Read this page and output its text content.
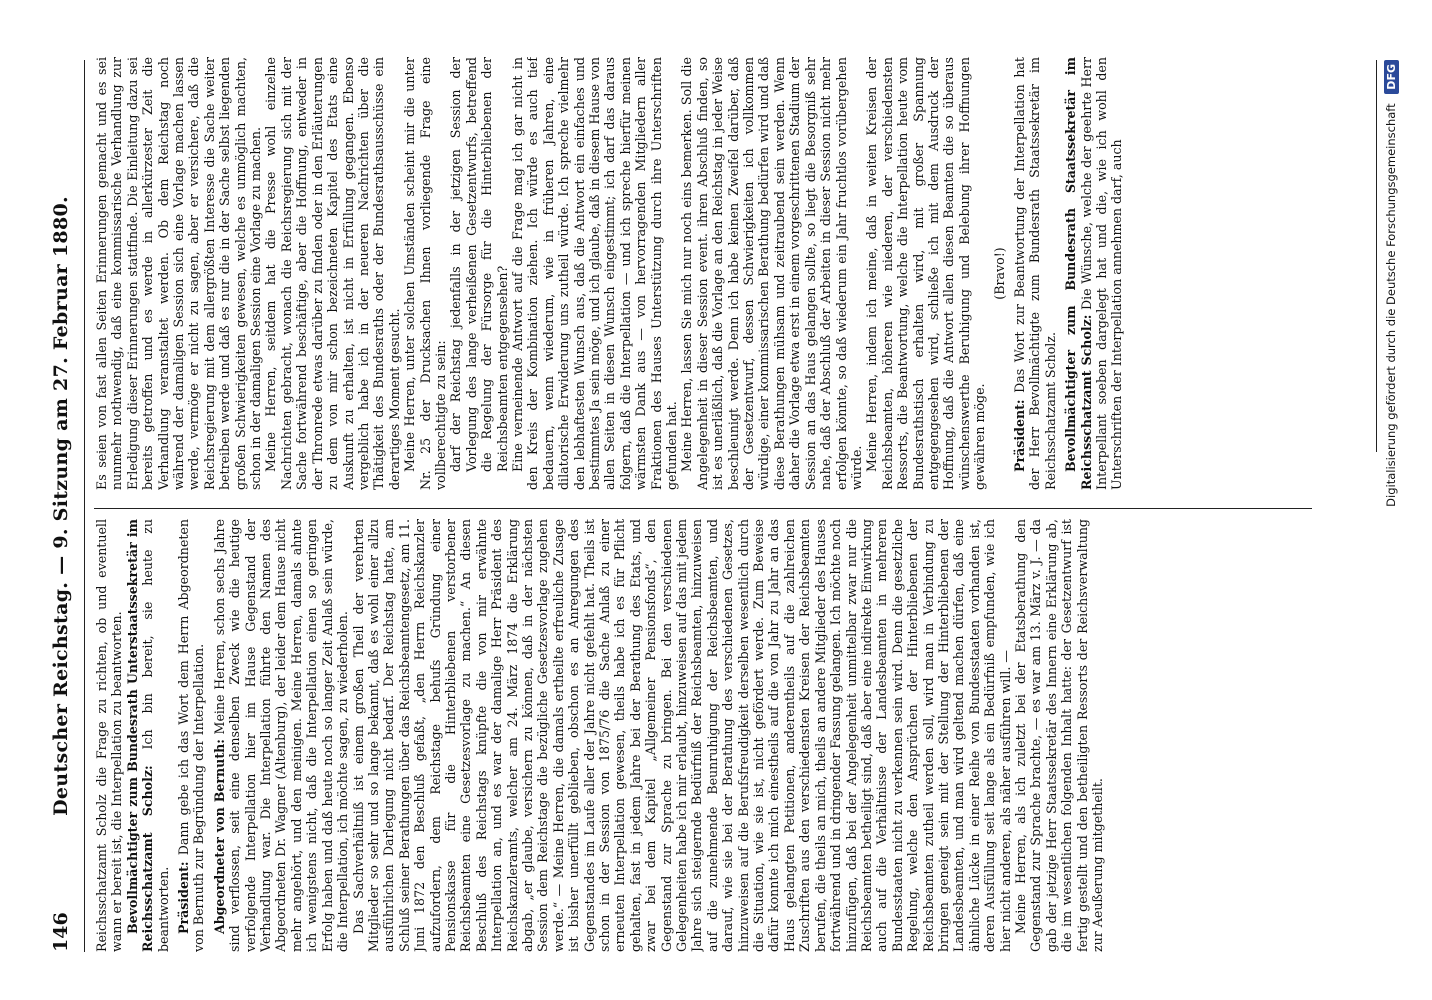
146
Deutscher Reichstag. — 9. Sitzung am 27. Februar 1880. Reichsschatzamt Scholz die Frage zu richten, ob und eventuell wann er bereit ist, die Interpellation zu beantworten. Bevollmächtigter zum Bundesrath Unterstaatssekretär im Reichsschatzamt Scholz: Ich bin bereit, sie heute zu beantworten. Präsident: Dann gebe ich das Wort dem Herrn Abgeordneten von Bernuth zur Begründung der Interpellation. Abgeordneter von Bernuth: Meine Herren, schon sechs Jahre sind verflossen, seit eine denselben Zweck wie die heutige verfolgende Interpellation hier im Hause Gegenstand der Verhandlung war. Die Interpellation führte den Namen des Abgeordneten Dr. Wagner (Altenburg), der leider dem Hause nicht mehr angehört, und den meinigen. Meine Herren, damals ahnte ich wenigstens nicht, daß die Interpellation einen so geringen Erfolg haben und daß heute noch so langer Zeit Anlaß sein würde, die Interpellation, ich möchte sagen, zu wiederholen. Das Sachverhältniß ist einem großen Theil der verehrten Mitglieder so sehr und so lange bekannt, daß es wohl einer allzu ausführlichen Darlegung nicht bedarf. Der Reichstag hatte, am Schluß seiner Berathungen über das Reichsbeamtengesetz, am 11. Juni 1872 den Beschluß gefaßt, „den Herrn Reichskanzler aufzufordern, dem Reichstage behufs Gründung einer Pensionskasse für die Hinterbliebenen verstorbener Reichsbeamten eine Gesetzesvorlage zu machen.“ An diesen Beschluß des Reichstags knüpfte die von mir erwähnte Interpellation an, und es war der damalige Herr Präsident des Reichskanzleramts, welcher am 24. März 1874 die Erklärung abgab, „er glaube, versichern zu können, daß in der nächsten Session dem Reichstage die bezügliche Gesetzesvorlage zugehen werde.“ — Meine Herren, die damals ertheilte erfreuliche Zusage ist bisher unerfüllt geblieben, obschon es an Anregungen des Gegenstandes im Laufe aller der Jahre nicht gefehlt hat. Theils ist schon in der Session von 1875/76 die Sache Anlaß zu einer erneuten Interpellation gewesen, theils habe ich es für Pflicht gehalten, fast in jedem Jahre bei der Berathung des Etats, und zwar bei dem Kapitel „Allgemeiner Pensionsfonds“, den Gegenstand zur Sprache zu bringen. Bei den verschiedenen Gelegenheiten habe ich mir erlaubt, hinzuweisen auf das mit jedem Jahre sich steigernde Bedürfniß der Reichsbeamten, hinzuweisen auf die zunehmende Beunruhigung der Reichsbeamten, und darauf, wie sie bei der Berathung des verschiedenen Gesetzes, hinzuweisen auf die Berufsfreudigkeit derselben wesentlich durch die Situation, wie sie ist, nicht gefördert werde. Zum Beweise dafür konnte ich mich einestheils auf die von Jahr zu Jahr an das Haus gelangten Petitionen, anderentheils auf die zahlreichen Zuschriften aus den verschiedensten Kreisen der Reichsbeamten berufen, die theils an mich, theils an andere Mitglieder des Hauses fortwährend und in dringender Fassung gelangen. Ich möchte noch hinzufügen, daß bei der Angelegenheit unmittelbar zwar nur die Reichsbeamten betheiligt sind, daß aber eine indirekte Einwirkung auch auf die Verhältnisse der Landesbeamten in mehreren Bundesstaaten nicht zu verkennen sein wird. Denn die gesetzliche Regelung, welche den Ansprüchen der Hinterbliebenen der Reichsbeamten zutheil werden soll, wird man in Verbindung zu bringen geneigt sein mit der Stellung der Hinterbliebenen der Landesbeamten, und man wird geltend machen dürfen, daß eine ähnliche Lücke in einer Reihe von Bundesstaaten vorhanden ist, deren Ausfüllung seit lange als ein Bedürfniß empfunden, wie ich hier nicht anderen, als näher ausführen will. — Meine Herren, als ich zuletzt bei der Etatsberathung den Gegenstand zur Sprache brachte, — es war am 13. März v. J. — da gab der jetzige Herr Staatssekretär des Innern eine Erklärung ab, die im wesentlichen folgenden Inhalt hatte: der Gesetzentwurf ist fertig gestellt und den betheiligten Ressorts der Reichsverwaltung zur Aeußerung mitgetheilt.

Es seien von fast allen Seiten Erinnerungen gemacht und es sei nunmehr nothwendig, daß eine kommissarische Verhandlung zur Erledigung dieser Erinnerungen stattfinde. Die Einleitung dazu sei bereits getroffen und es werde in allerkürzester Zeit die Verhandlung veranstaltet werden. Ob dem Reichstag noch während der damaligen Session sich eine Vorlage machen lassen werde, vermöge er nicht zu sagen, aber er versichere, daß die Reichsregierung mit dem allergrößten Interesse die Sache weiter betreiben werde und daß es nur die in der Sache selbst liegenden großen Schwierigkeiten gewesen, welche es unmöglich machten, schon in der damaligen Session eine Vorlage zu machen. Meine Herren, seitdem hat die Presse wohl einzelne Nachrichten gebracht, wonach die Reichsregierung sich mit der Sache fortwährend beschäftige, aber die Hoffnung, entweder in der Thronrede etwas darüber zu finden oder in den Erläuterungen zu dem von mir schon bezeichneten Kapitel des Etats eine Auskunft zu erhalten, ist nicht in Erfüllung gegangen. Ebenso vergeblich habe ich in der neueren Nachrichten über die Thätigkeit des Bundesraths oder der Bundesrathsausschüsse ein derartiges Moment gesucht. Meine Herren, unter solchen Umständen scheint mir die unter Nr. 25 der Drucksachen Ihnen vorliegende Frage eine vollberechtigte zu sein: darf der Reichstag jedenfalls in der jetzigen Session der Vorlegung des lange verheißenen Gesetzentwurfs, betreffend die Regelung der Fürsorge für die Hinterbliebenen der Reichsbeamten entgegensehen? Eine verneinende Antwort auf die Frage mag ich gar nicht in den Kreis der Kombination ziehen. Ich würde es auch tief bedauern, wenn wiederum, wie in früheren Jahren, eine dilatorische Erwiderung uns zutheil würde. Ich spreche vielmehr den lebhaftesten Wunsch aus, daß die Antwort ein einfaches und bestimmtes Ja sein möge, und ich glaube, daß in diesem Hause von allen Seiten in diesen Wunsch eingestimmt; ich darf das daraus folgern, daß die Interpellation — und ich spreche hierfür meinen wärmsten Dank aus — von hervorragenden Mitgliedern aller Fraktionen des Hauses Unterstützung durch ihre Unterschriften gefunden hat. Meine Herren, lassen Sie mich nur noch eins bemerken. Soll die Angelegenheit in dieser Session event. ihren Abschluß finden, so ist es unerläßlich, daß die Vorlage an den Reichstag in jeder Weise beschleunigt werde. Denn ich habe keinen Zweifel darüber, daß der Gesetzentwurf, dessen Schwierigkeiten ich vollkommen würdige, einer kommissarischen Berathung bedürfen wird und daß diese Berathungen mühsam und zeitraubend sein werden. Wenn daher die Vorlage etwa erst in einem vorgeschrittenen Stadium der Session an das Haus gelangen sollte, so liegt die Besorgniß sehr nahe, daß der Abschluß der Arbeiten in dieser Session nicht mehr erfolgen könnte, so daß wiederum ein Jahr fruchtlos vorübergehen würde. Meine Herren, indem ich meine, daß in weiten Kreisen der Reichsbeamten, höheren wie niederen, der verschiedensten Ressorts, die Beantwortung, welche die Interpellation heute vom Bundesrathstisch erhalten wird, mit großer Spannung entgegengesehen wird, schließe ich mit dem Ausdruck der Hoffnung, daß die Antwort allen diesen Beamten die so überaus wünschenswerthe Beruhigung und Belebung ihrer Hoffnungen gewähren möge.

(Bravo!)

Präsident: Das Wort zur Beantwortung der Interpellation hat der Herr Bevollmächtigte zum Bundesrath Staatssekretär im Reichsschatzamt Scholz. Bevollmächtigter zum Bundesrath Staatssekretär im Reichsschatzamt Scholz: Die Wünsche, welche der geehrte Herr Interpellant soeben dargelegt hat und die, wie ich wohl den Unterschriften der Interpellation annehmen darf, auch	Digitalisierung gefördert durch die Deutsche Forschungsgemeinschaft DFG
